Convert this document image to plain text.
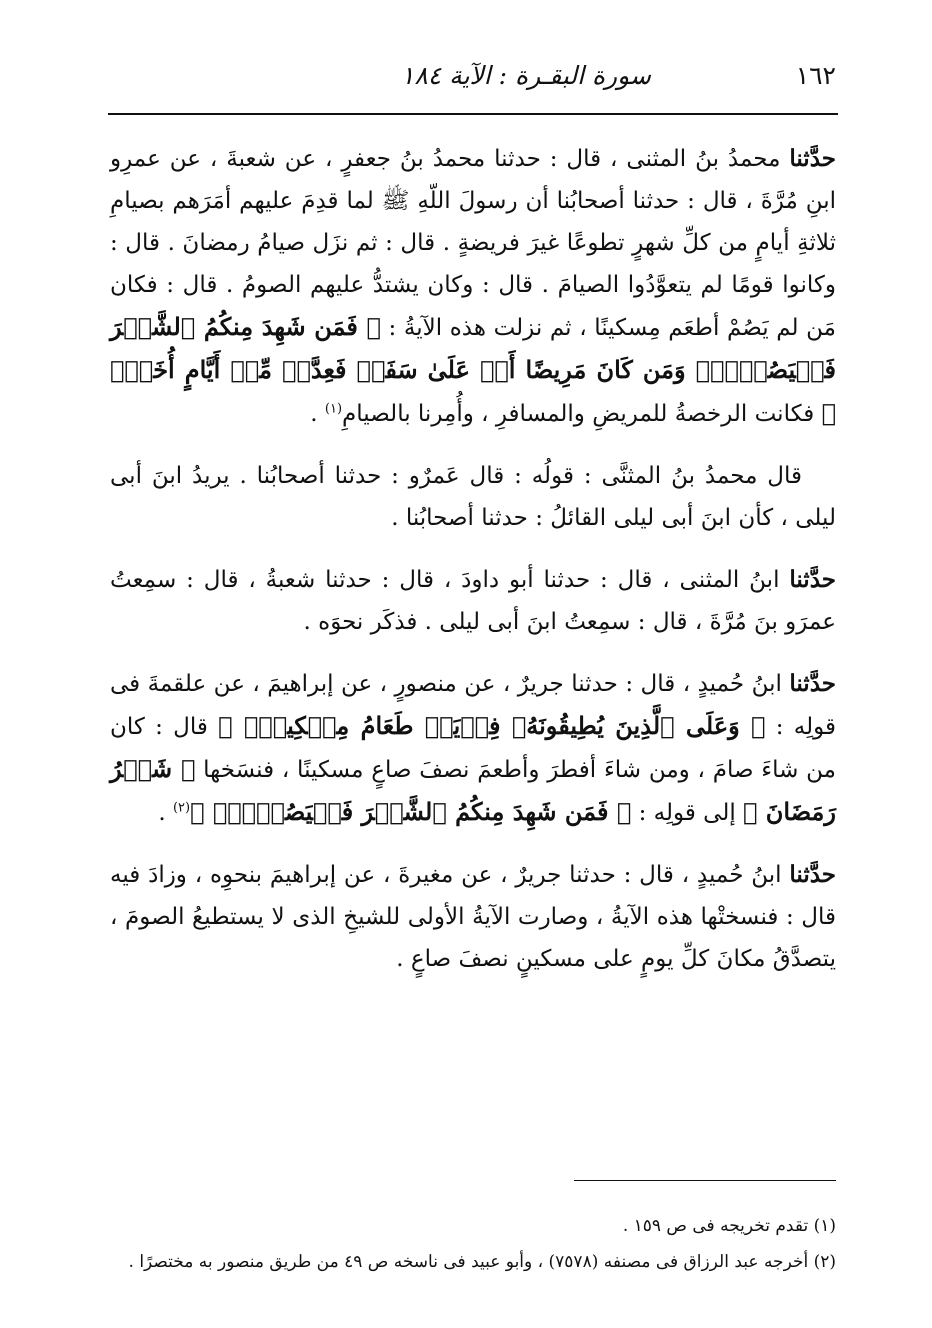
١٦٢
سورة البقـرة : الآية ١٨٤

حدَّثنا محمدُ بنُ المثنى ، قال : حدثنا محمدُ بنُ جعفرٍ ، عن شعبةَ ، عن عمرِو ابنِ مُرَّةَ ، قال : حدثنا أصحابُنا أن رسولَ اللّهِ ﷺ لما قدِمَ عليهم أمَرَهم بصيامِ ثلاثةِ أيامٍ من كلِّ شهرٍ تطوعًا غيرَ فريضةٍ . قال : ثم نزَل صيامُ رمضانَ . قال : وكانوا قومًا لم يتعوَّدُوا الصيامَ . قال : وكان يشتدُّ عليهم الصومُ . قال : فكان مَن لم يَصُمْ أطعَم مِسكينًا ، ثم نزلت هذه الآيةُ : ﴿ فَمَن شَهِدَ مِنكُمُ ٱلشَّهۡرَ فَلۡيَصُمۡهُۖ وَمَن كَانَ مَرِيضًا أَوۡ عَلَىٰ سَفَرٖ فَعِدَّةٞ مِّنۡ أَيَّامٍ أُخَرَۗ ﴾ فكانت الرخصةُ للمريضِ والمسافرِ ، وأُمِرنا بالصيامِ$^{(١)}$ .

قال محمدُ بنُ المثنَّى : قولُه : قال عَمرٌو : حدثنا أصحابُنا . يريدُ ابنَ أبى ليلى ، كأن ابنَ أبى ليلى القائلُ : حدثنا أصحابُنا .

حدَّثنا ابنُ المثنى ، قال : حدثنا أبو داودَ ، قال : حدثنا شعبةُ ، قال : سمِعتُ عمرَو بنَ مُرَّةَ ، قال : سمِعتُ ابنَ أبى ليلى . فذكَر نحوَه .

حدَّثنا ابنُ حُميدٍ ، قال : حدثنا جريرٌ ، عن منصورٍ ، عن إبراهيمَ ، عن علقمةَ فى قولِه : ﴿ وَعَلَى ٱلَّذِينَ يُطِيقُونَهُۥ فِدۡيَةٞ طَعَامُ مِسۡكِينٖۖ ﴾ قال : كان من شاءَ صامَ ، ومن شاءَ أفطرَ وأطعمَ نصفَ صاعٍ مسكينًا ، فنسَخها ﴿ شَهۡرُ رَمَضَانَ ﴾ إلى قولِه : ﴿ فَمَن شَهِدَ مِنكُمُ ٱلشَّهۡرَ فَلۡيَصُمۡهُۖ ﴾$^{(٢)}$ .

حدَّثنا ابنُ حُميدٍ ، قال : حدثنا جريرٌ ، عن مغيرةَ ، عن إبراهيمَ بنحوِه ، وزادَ فيه قال : فنسختْها هذه الآيةُ ، وصارت الآيةُ الأولى للشيخِ الذى لا يستطيعُ الصومَ ، يتصدَّقُ مكانَ كلِّ يومٍ على مسكينٍ نصفَ صاعٍ .

(١) تقدم تخريجه فى ص ١٥٩ .

(٢) أخرجه عبد الرزاق فى مصنفه (٧٥٧٨) ، وأبو عبيد فى ناسخه ص ٤٩ من طريق منصور به مختصرًا .
